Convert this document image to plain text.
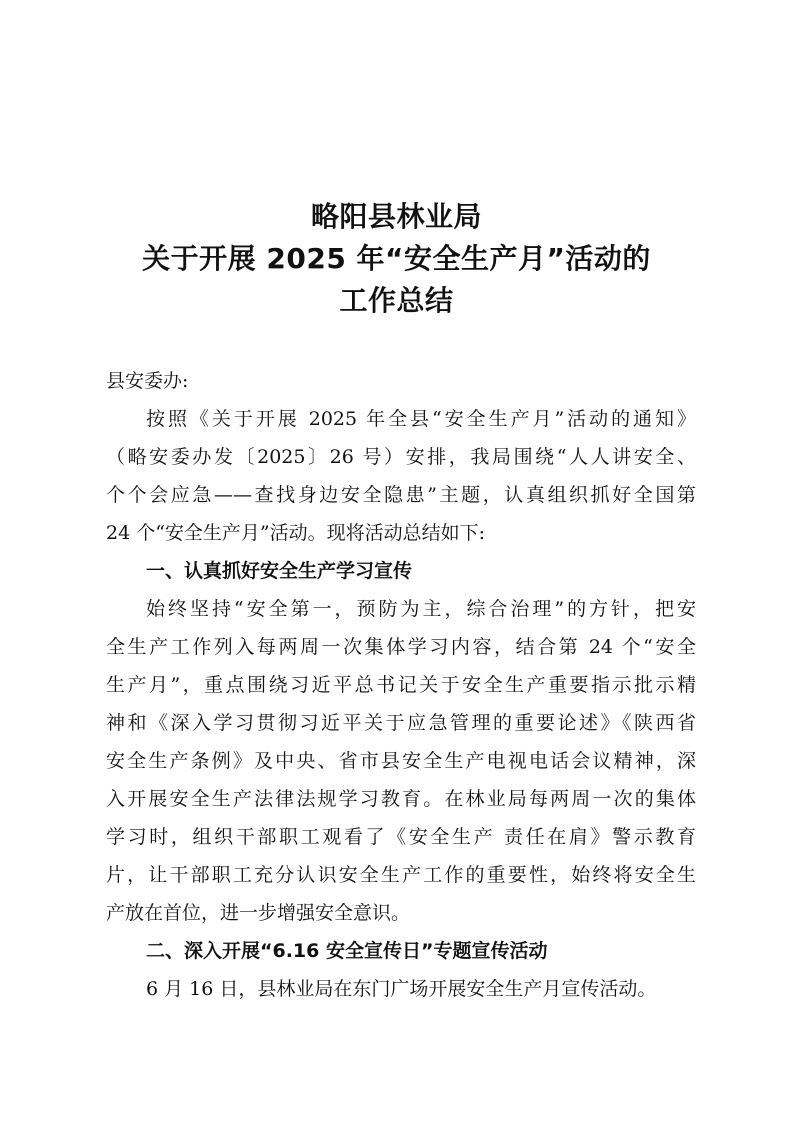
略阳县林业局
关于开展 2025 年“安全生产月”活动的
工作总结
县安委办:
按照《关于开展 2025 年全县“安全生产月”活动的通知》
（略安委办发〔2025〕26 号）安排，我局围绕“人人讲安全、
个个会应急——查找身边安全隐患”主题，认真组织抓好全国第
24 个“安全生产月”活动。现将活动总结如下:
一、认真抓好安全生产学习宣传
始终坚持“安全第一，预防为主，综合治理”的方针，把安
全生产工作列入每两周一次集体学习内容，结合第 24 个“安全
生产月”，重点围绕习近平总书记关于安全生产重要指示批示精
神和《深入学习贯彻习近平关于应急管理的重要论述》《陕西省
安全生产条例》及中央、省市县安全生产电视电话会议精神，深
入开展安全生产法律法规学习教育。在林业局每两周一次的集体
学习时，组织干部职工观看了《安全生产 责任在肩》警示教育
片，让干部职工充分认识安全生产工作的重要性，始终将安全生
产放在首位，进一步增强安全意识。
二、深入开展“6.16 安全宣传日”专题宣传活动
6 月 16 日，县林业局在东门广场开展安全生产月宣传活动。
